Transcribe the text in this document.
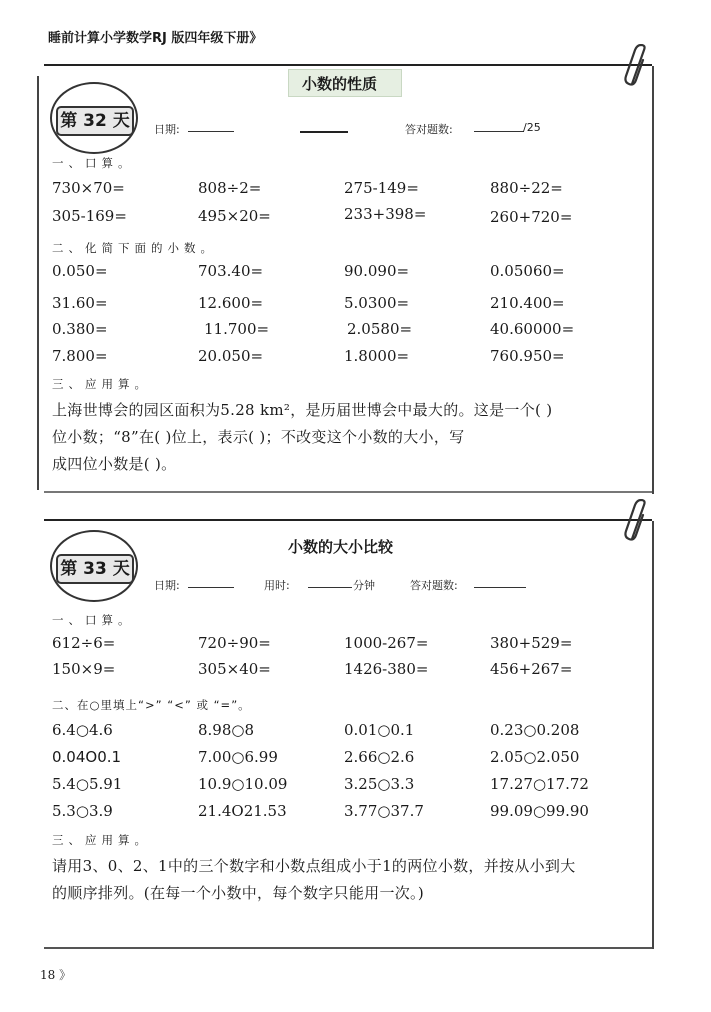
睡前计算小学数学RJ 版四年级下册》
第 32 天
小数的性质
日期:	答对题数:	/25
一、口算。
730×70=	808÷2=	275-149=	880÷22=
305-169=	495×20=	233+398=	260+720=
二、化简下面的小数。
0.050=	703.40=	90.090=	0.05060=
31.60=	12.600=	5.0300=	210.400=
0.380=	11.700=	2.0580=	40.60000=
7.800=	20.050=	1.8000=	760.950=
三、应用算。
上海世博会的园区面积为5.28 km²，是历届世博会中最大的。这是一个( )
位小数；“8”在( )位上，表示( )；不改变这个小数的大小，写
成四位小数是( )。
第 33 天
小数的大小比较
日期:	用时:	分钟	答对题数:
一、口算。
612÷6=	720÷90=	1000-267=	380+529=
150×9=	305×40=	1426-380=	456+267=
二、在○里填上“>” “<” 或 “=”。
6.4○4.6	8.98○8	0.01○0.1	0.23○0.208
0.04O0.1	7.00○6.99	2.66○2.6	2.05○2.050
5.4○5.91	10.9○10.09	3.25○3.3	17.27○17.72
5.3○3.9	21.4O21.53	3.77○37.7	99.09○99.90
三、应用算。
请用3、0、2、1中的三个数字和小数点组成小于1的两位小数，并按从小到大
的顺序排列。(在每一个小数中，每个数字只能用一次。)
18 》
